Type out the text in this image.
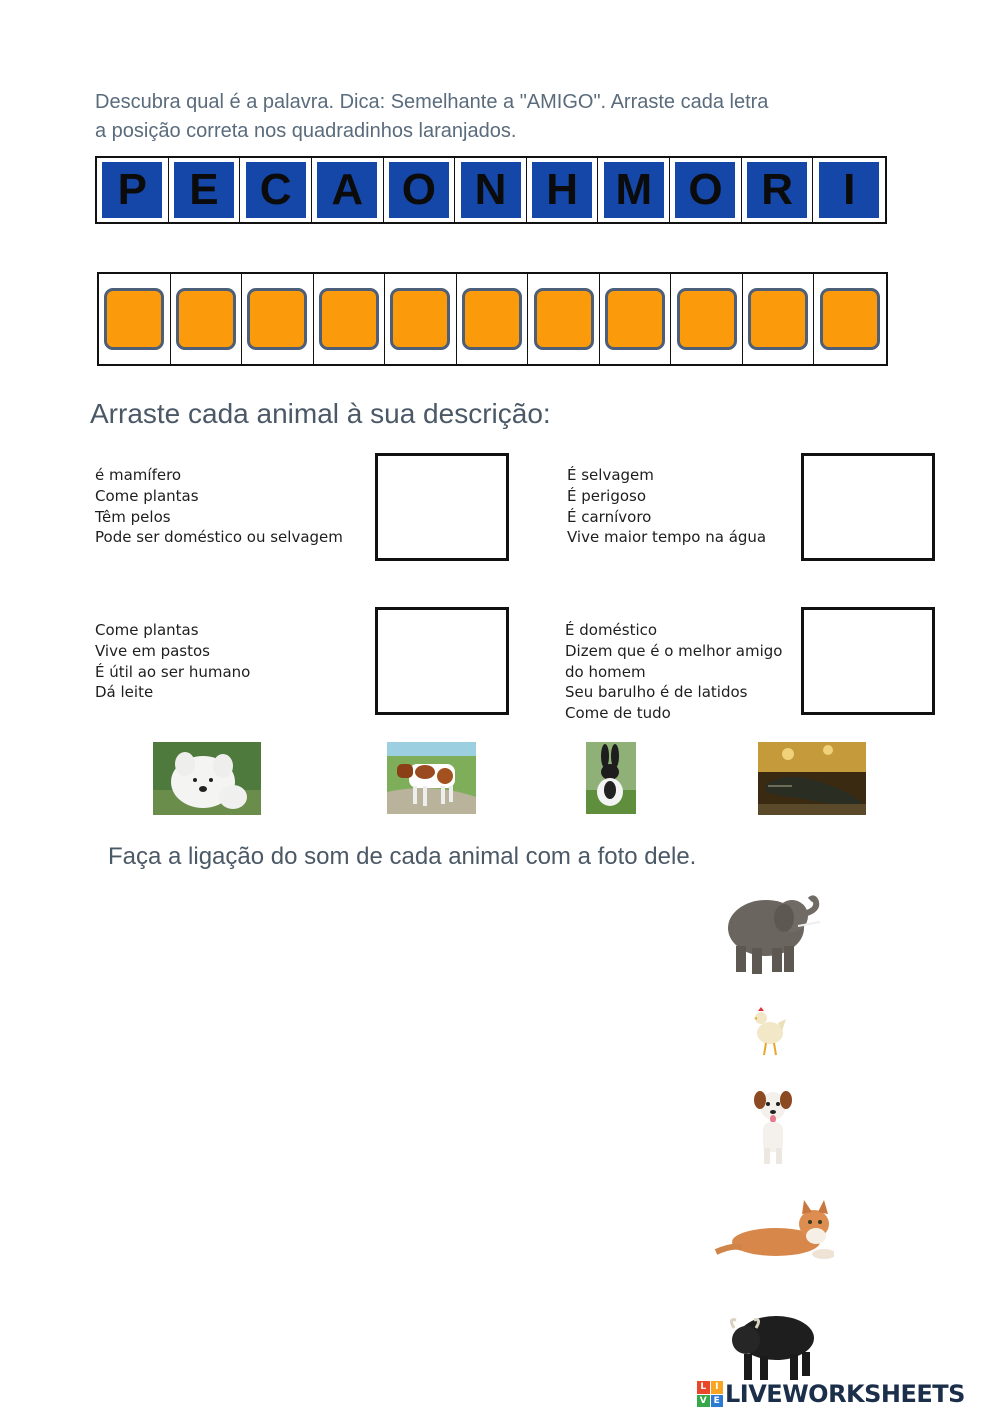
Descubra qual é a palavra. Dica: Semelhante a "AMIGO". Arraste cada letra
a posição correta nos quadradinhos laranjados.
P E C A O N H M O R	I
Arraste cada animal à sua descrição:
é mamífero
Come plantas
Têm pelos
Pode ser doméstico ou selvagem
É selvagem
É perigoso
É carnívoro
Vive maior tempo na água
Come plantas
Vive em pastos
É útil ao ser humano
Dá leite
É doméstico
Dizem que é o melhor amigo
do homem
Seu barulho é de latidos
Come de tudo
Faça a ligação do som de cada animal com a foto dele.
L I
V E LIVEWORKSHEETS
